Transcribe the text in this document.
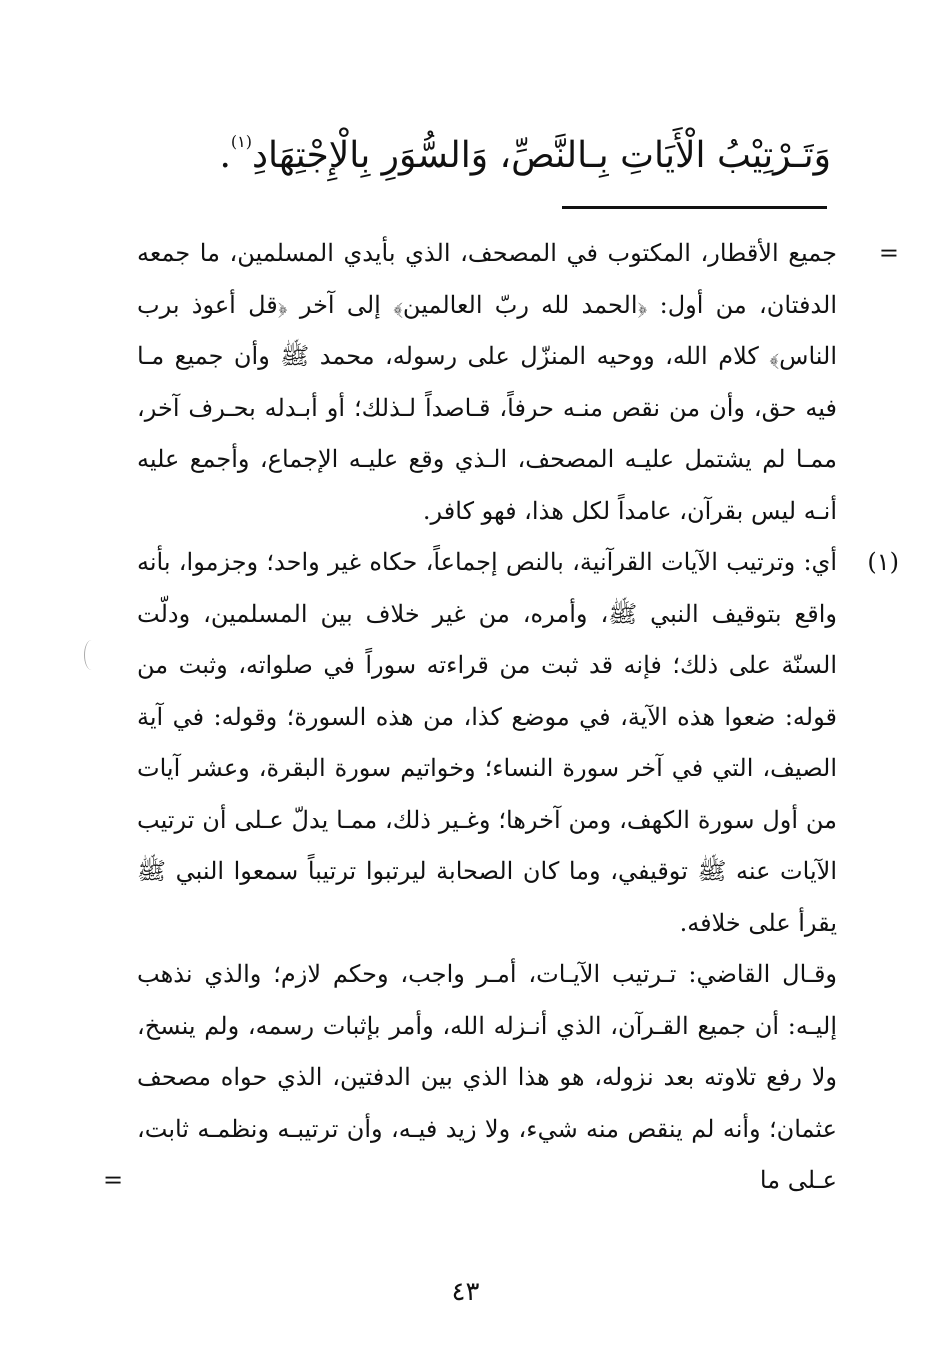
وَتَـرْتِيْبُ الْأَيَاتِ بِـالنَّصِّ، وَالسُّوَرِ بِالْإِجْتِهَادِ$^{(١)}$.
=

جميع الأقطار، المكتوب في المصحف، الذي بأيدي المسلمين، ما جمعه الدفتان، من أول: ﴿الحمد لله ربّ العالمين﴾ إلى آخر ﴿قل أعوذ برب الناس﴾ كلام الله، ووحيه المنزّل على رسوله، محمد ﷺ وأن جميع مـا فيه حق، وأن من نقص منـه حرفاً، قـاصداً لـذلك؛ أو أبـدله بحـرف آخر، ممـا لم يشتمل عليـه المصحف، الـذي وقع عليـه الإجماع، وأجمع عليه أنـه ليس بقرآن، عامداً لكل هذا، فهو كافر.

(١)

أي: وترتيب الآيات القرآنية، بالنص إجماعاً، حكاه غير واحد؛ وجزموا، بأنه واقع بتوقيف النبي ﷺ، وأمره، من غير خلاف بين المسلمين، ودلّت السنّة على ذلك؛ فإنه قد ثبت من قراءته سوراً في صلواته، وثبت من قوله: ضعوا هذه الآية، في موضع كذا، من هذه السورة؛ وقوله: في آية الصيف، التي في آخر سورة النساء؛ وخواتيم سورة البقرة، وعشر آيات من أول سورة الكهف، ومن آخرها؛ وغـير ذلك، ممـا يدلّ عـلى أن ترتيب الآيات عنه ﷺ توقيفي، وما كان الصحابة ليرتبوا ترتيباً سمعوا النبي ﷺ يقرأ على خلافه.

وقـال القاضي: تـرتيب الآيـات، أمـر واجب، وحكم لازم؛ والذي نذهب إليـه: أن جميع القـرآن، الذي أنـزله الله، وأمر بإثبات رسمه، ولم ينسخ، ولا رفع تلاوته بعد نزوله، هو هذا الذي بين الدفتين، الذي حواه مصحف عثمان؛ وأنه لم ينقص منه شيء، ولا زيد فيـه، وأن ترتيبـه ونظمـه ثابت، عـلى ما

=
٤٣
